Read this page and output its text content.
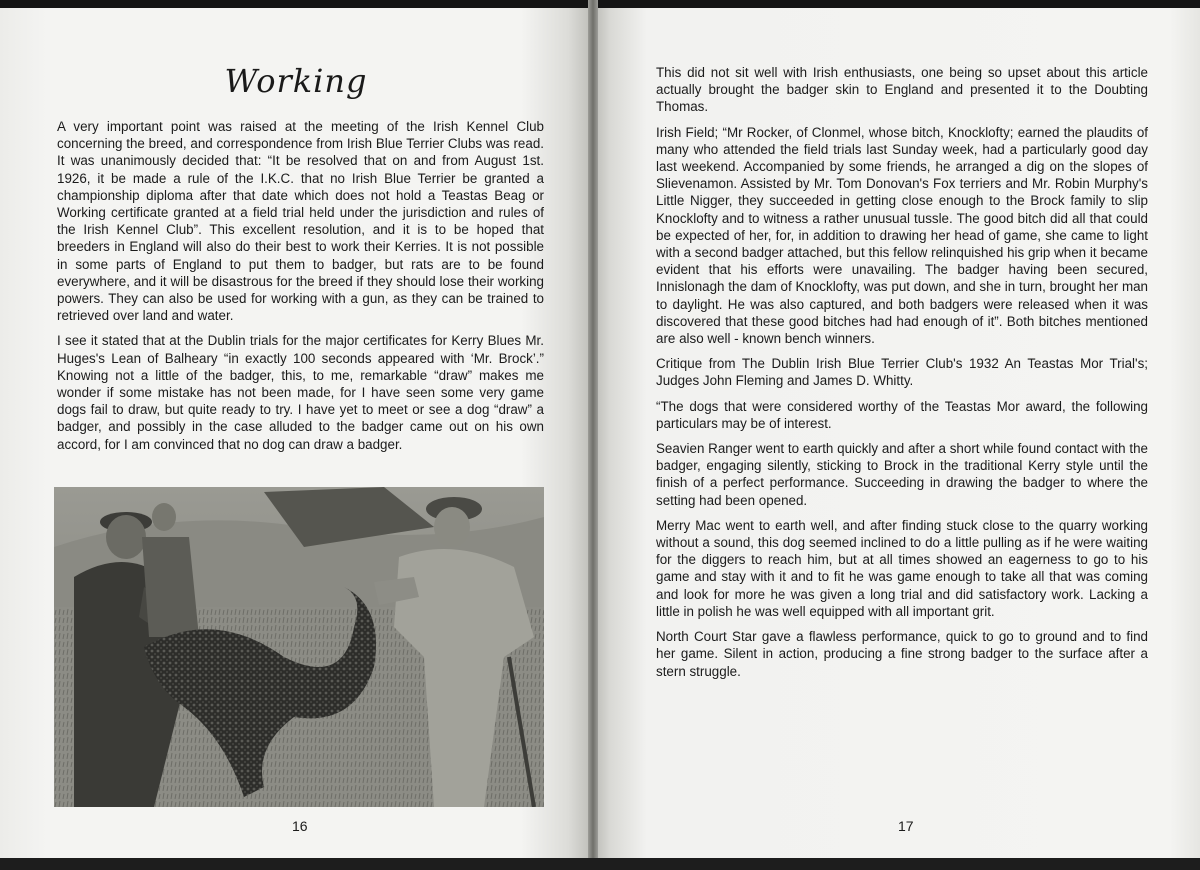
Working

A very important point was raised at the meeting of the Irish Kennel Club concerning the breed, and correspondence from Irish Blue Terrier Clubs was read. It was unanimously decided that: “It be resolved that on and from August 1st. 1926, it be made a rule of the I.K.C. that no Irish Blue Terrier be granted a championship diploma after that date which does not hold a Teastas Beag or Working certificate granted at a field trial held under the jurisdiction and rules of the Irish Kennel Club”. This excellent resolution, and it is to be hoped that breeders in England will also do their best to work their Kerries. It is not possible in some parts of England to put them to badger, but rats are to be found everywhere, and it will be disastrous for the breed if they should lose their working powers. They can also be used for working with a gun, as they can be trained to retrieved over land and water.

I see it stated that at the Dublin trials for the major certificates for Kerry Blues Mr. Huges's Lean of Balheary “in exactly 100 seconds appeared with ‘Mr. Brock’.” Knowing not a little of the badger, this, to me, remarkable “draw” makes me wonder if some mistake has not been made, for I have seen some very game dogs fail to draw, but quite ready to try. I have yet to meet or see a dog “draw” a badger, and possibly in the case alluded to the badger came out on his own accord, for I am convinced that no dog can draw a badger.

16

This did not sit well with Irish enthusiasts, one being so upset about this article actually brought the badger skin to England and presented it to the Doubting Thomas.

Irish Field; “Mr Rocker, of Clonmel, whose bitch, Knocklofty; earned the plaudits of many who attended the field trials last Sunday week, had a particularly good day last weekend. Accompanied by some friends, he arranged a dig on the slopes of Slievenamon. Assisted by Mr. Tom Donovan's Fox terriers and Mr. Robin Murphy's Little Nigger, they succeeded in getting close enough to the Brock family to slip Knocklofty and to witness a rather unusual tussle. The good bitch did all that could be expected of her, for, in addition to drawing her head of game, she came to light with a second badger attached, but this fellow relinquished his grip when it became evident that his efforts were unavailing. The badger having been secured, Innislonagh the dam of Knocklofty, was put down, and she in turn, brought her man to daylight. He was also captured, and both badgers were released when it was discovered that these good bitches had had enough of it”. Both bitches mentioned are also well - known bench winners.

Critique from The Dublin Irish Blue Terrier Club's 1932 An Teastas Mor Trial's; Judges John Fleming and James D. Whitty.

“The dogs that were considered worthy of the Teastas Mor award, the following particulars may be of interest.

Seavien Ranger went to earth quickly and after a short while found contact with the badger, engaging silently, sticking to Brock in the traditional Kerry style until the finish of a perfect performance. Succeeding in drawing the badger to where the setting had been opened.

Merry Mac went to earth well, and after finding stuck close to the quarry working without a sound, this dog seemed inclined to do a little pulling as if he were waiting for the diggers to reach him, but at all times showed an eagerness to go to his game and stay with it and to fit he was game enough to take all that was coming and look for more he was given a long trial and did satisfactory work. Lacking a little in polish he was well equipped with all important grit.

North Court Star gave a flawless performance, quick to go to ground and to find her game. Silent in action, producing a fine strong badger to the surface after a stern struggle.

17
